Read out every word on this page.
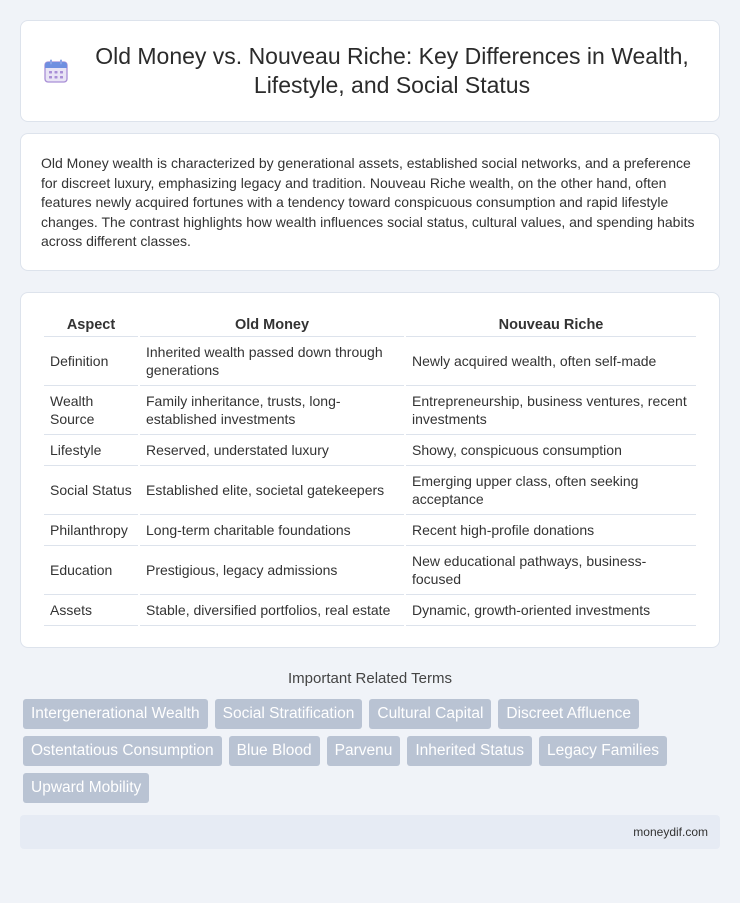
Old Money vs. Nouveau Riche: Key Differences in Wealth, Lifestyle, and Social Status

Old Money wealth is characterized by generational assets, established social networks, and a preference for discreet luxury, emphasizing legacy and tradition. Nouveau Riche wealth, on the other hand, often features newly acquired fortunes with a tendency toward conspicuous consumption and rapid lifestyle changes. The contrast highlights how wealth influences social status, cultural values, and spending habits across different classes.

Aspect	Old Money	Nouveau Riche
Definition	Inherited wealth passed down through generations	Newly acquired wealth, often self-made
Wealth Source	Family inheritance, trusts, long-established investments	Entrepreneurship, business ventures, recent investments
Lifestyle	Reserved, understated luxury	Showy, conspicuous consumption
Social Status	Established elite, societal gatekeepers	Emerging upper class, often seeking acceptance
Philanthropy	Long-term charitable foundations	Recent high-profile donations
Education	Prestigious, legacy admissions	New educational pathways, business-focused
Assets	Stable, diversified portfolios, real estate	Dynamic, growth-oriented investments
Important Related Terms
Intergenerational Wealth	Social Stratification	Cultural Capital	Discreet Affluence
Ostentatious Consumption	Blue Blood	Parvenu	Inherited Status	Legacy Families
Upward Mobility
moneydif.com
